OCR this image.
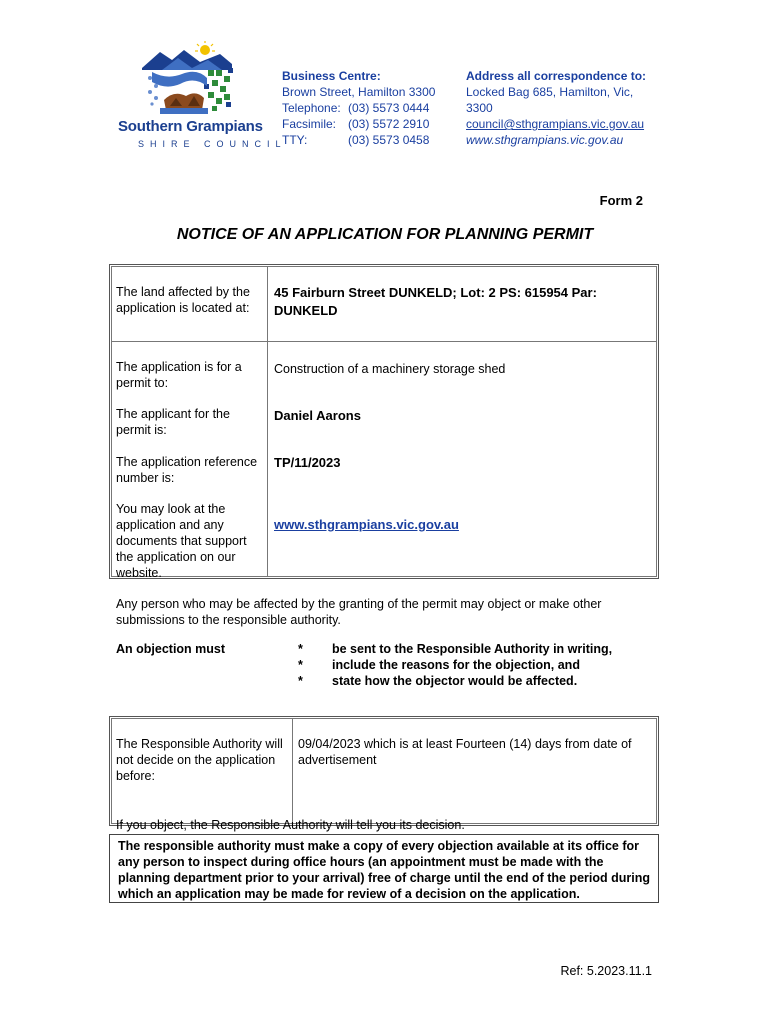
Southern Grampians
SHIRE COUNCIL
Business Centre:
Brown Street, Hamilton 3300
Telephone: (03) 5573 0444
Facsimile: (03) 5572 2910
TTY:	(03) 5573 0458
Address all correspondence to:
Locked Bag 685, Hamilton, Vic,
3300
council@sthgrampians.vic.gov.au
www.sthgrampians.vic.gov.au
Form 2
NOTICE OF AN APPLICATION FOR PLANNING PERMIT
The land affected by the application is located at:
45 Fairburn Street DUNKELD; Lot: 2 PS: 615954 Par: DUNKELD
The application is for a permit to:
Construction of a machinery storage shed
The applicant for the permit is:
Daniel Aarons
The application reference number is:
TP/11/2023
You may look at the application and any documents that support the application on our website.
www.sthgrampians.vic.gov.au
Any person who may be affected by the granting of the permit may object or make other submissions to the responsible authority.
An objection must	*
*
*
be sent to the Responsible Authority in writing,
include the reasons for the objection, and
state how the objector would be affected.
The Responsible Authority will not decide on the application before:
09/04/2023 which is at least Fourteen (14) days from date of advertisement
If you object, the Responsible Authority will tell you its decision.
The responsible authority must make a copy of every objection available at its office for any person to inspect during office hours (an appointment must be made with the planning department prior to your arrival) free of charge until the end of the period during which an application may be made for review of a decision on the application.
Ref: 5.2023.11.1
